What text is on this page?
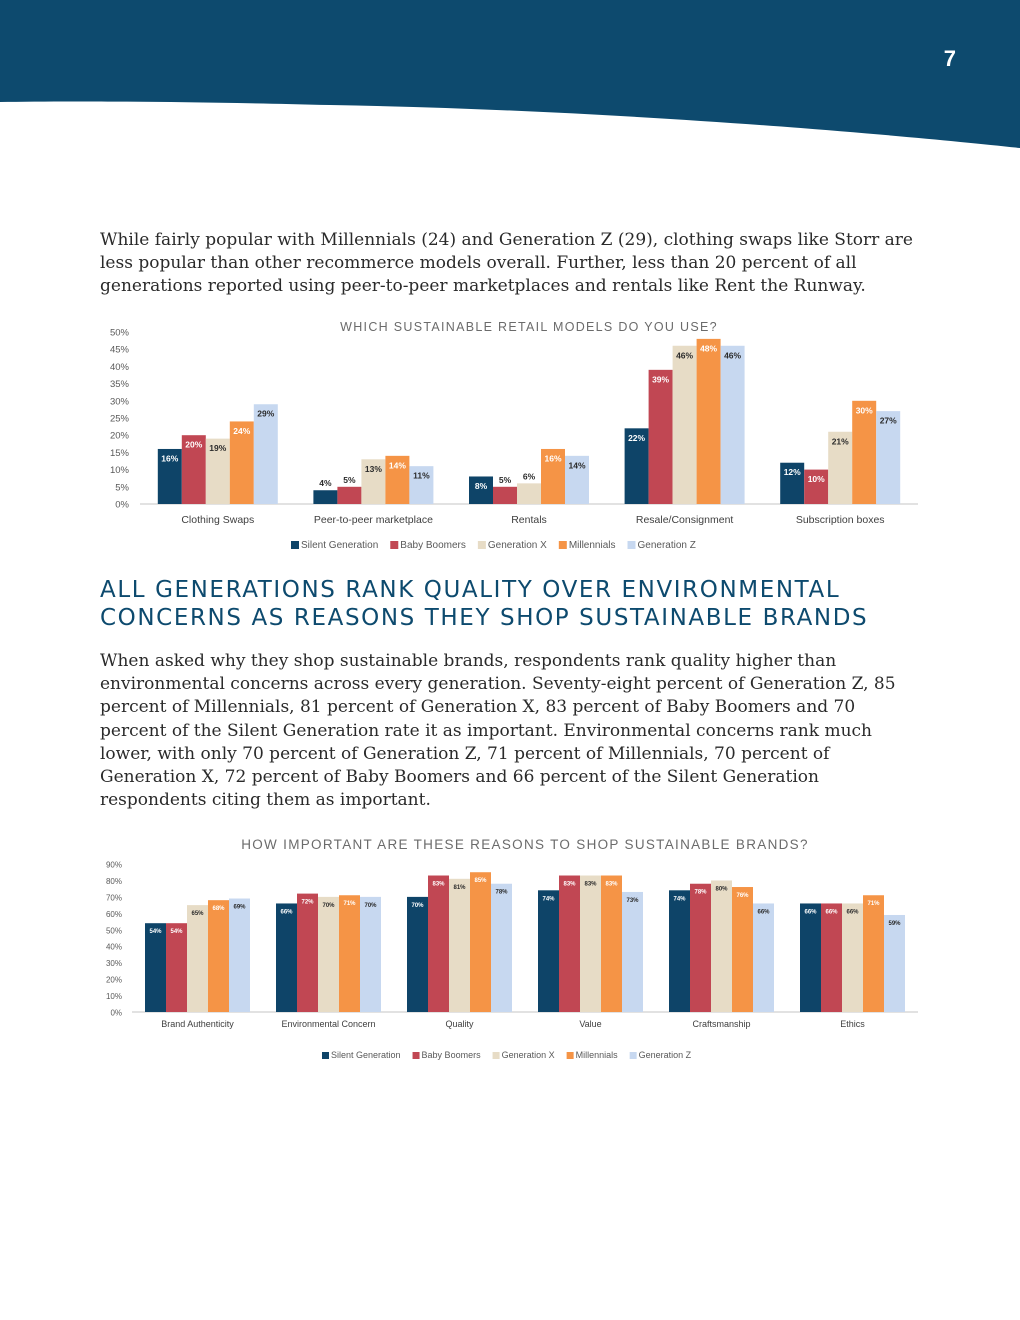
7

While fairly popular with Millennials (24) and Generation Z (29), clothing swaps like Storr are less popular than other recommerce models overall. Further, less than 20 percent of all generations reported using peer-to-peer marketplaces and rentals like Rent the Runway.

WHICH SUSTAINABLE RETAIL MODELS DO YOU USE?
0%
5%
10%
15%
20%
25%
30%
35%
40%
45%
50%
16%
20% 19%
24%
29%
Clothing Swaps
4% 5%
13% 14%
11%
Peer-to-peer marketplace
8%
5% 6%
16%
14%
Rentals
22%
39%
46%
48%
46%
Resale/Consignment
12%
10%
21%
30%
27%
Subscription boxes
Silent Generation Baby Boomers Generation X Millennials Generation Z
ALL GENERATIONS RANK QUALITY OVER ENVIRONMENTAL CONCERNS AS REASONS THEY SHOP SUSTAINABLE BRANDS

When asked why they shop sustainable brands, respondents rank quality higher than environmental concerns across every generation. Seventy-eight percent of Generation Z, 85 percent of Millennials, 81 percent of Generation X, 83 percent of Baby Boomers and 70 percent of the Silent Generation rate it as important. Environmental concerns rank much lower, with only 70 percent of Generation Z, 71 percent of Millennials, 70 percent of Generation X, 72 percent of Baby Boomers and 66 percent of the Silent Generation respondents citing them as important.

HOW IMPORTANT ARE THESE REASONS TO SHOP SUSTAINABLE BRANDS?
0%
10%
20%
30%
40%
50%
60%
70%
80%
90%
54% 54%
65%
68% 69%
Brand Authenticity
66%
72%
70% 71% 70%
Environmental Concern
70%
83%
81%
85%
78%
Quality
74%
83% 83% 83%
73%
Value
74%
78%
80%
76%
66%
Craftsmanship
66% 66% 66%
71%
59%
Ethics
Silent Generation Baby Boomers Generation X Millennials Generation Z
